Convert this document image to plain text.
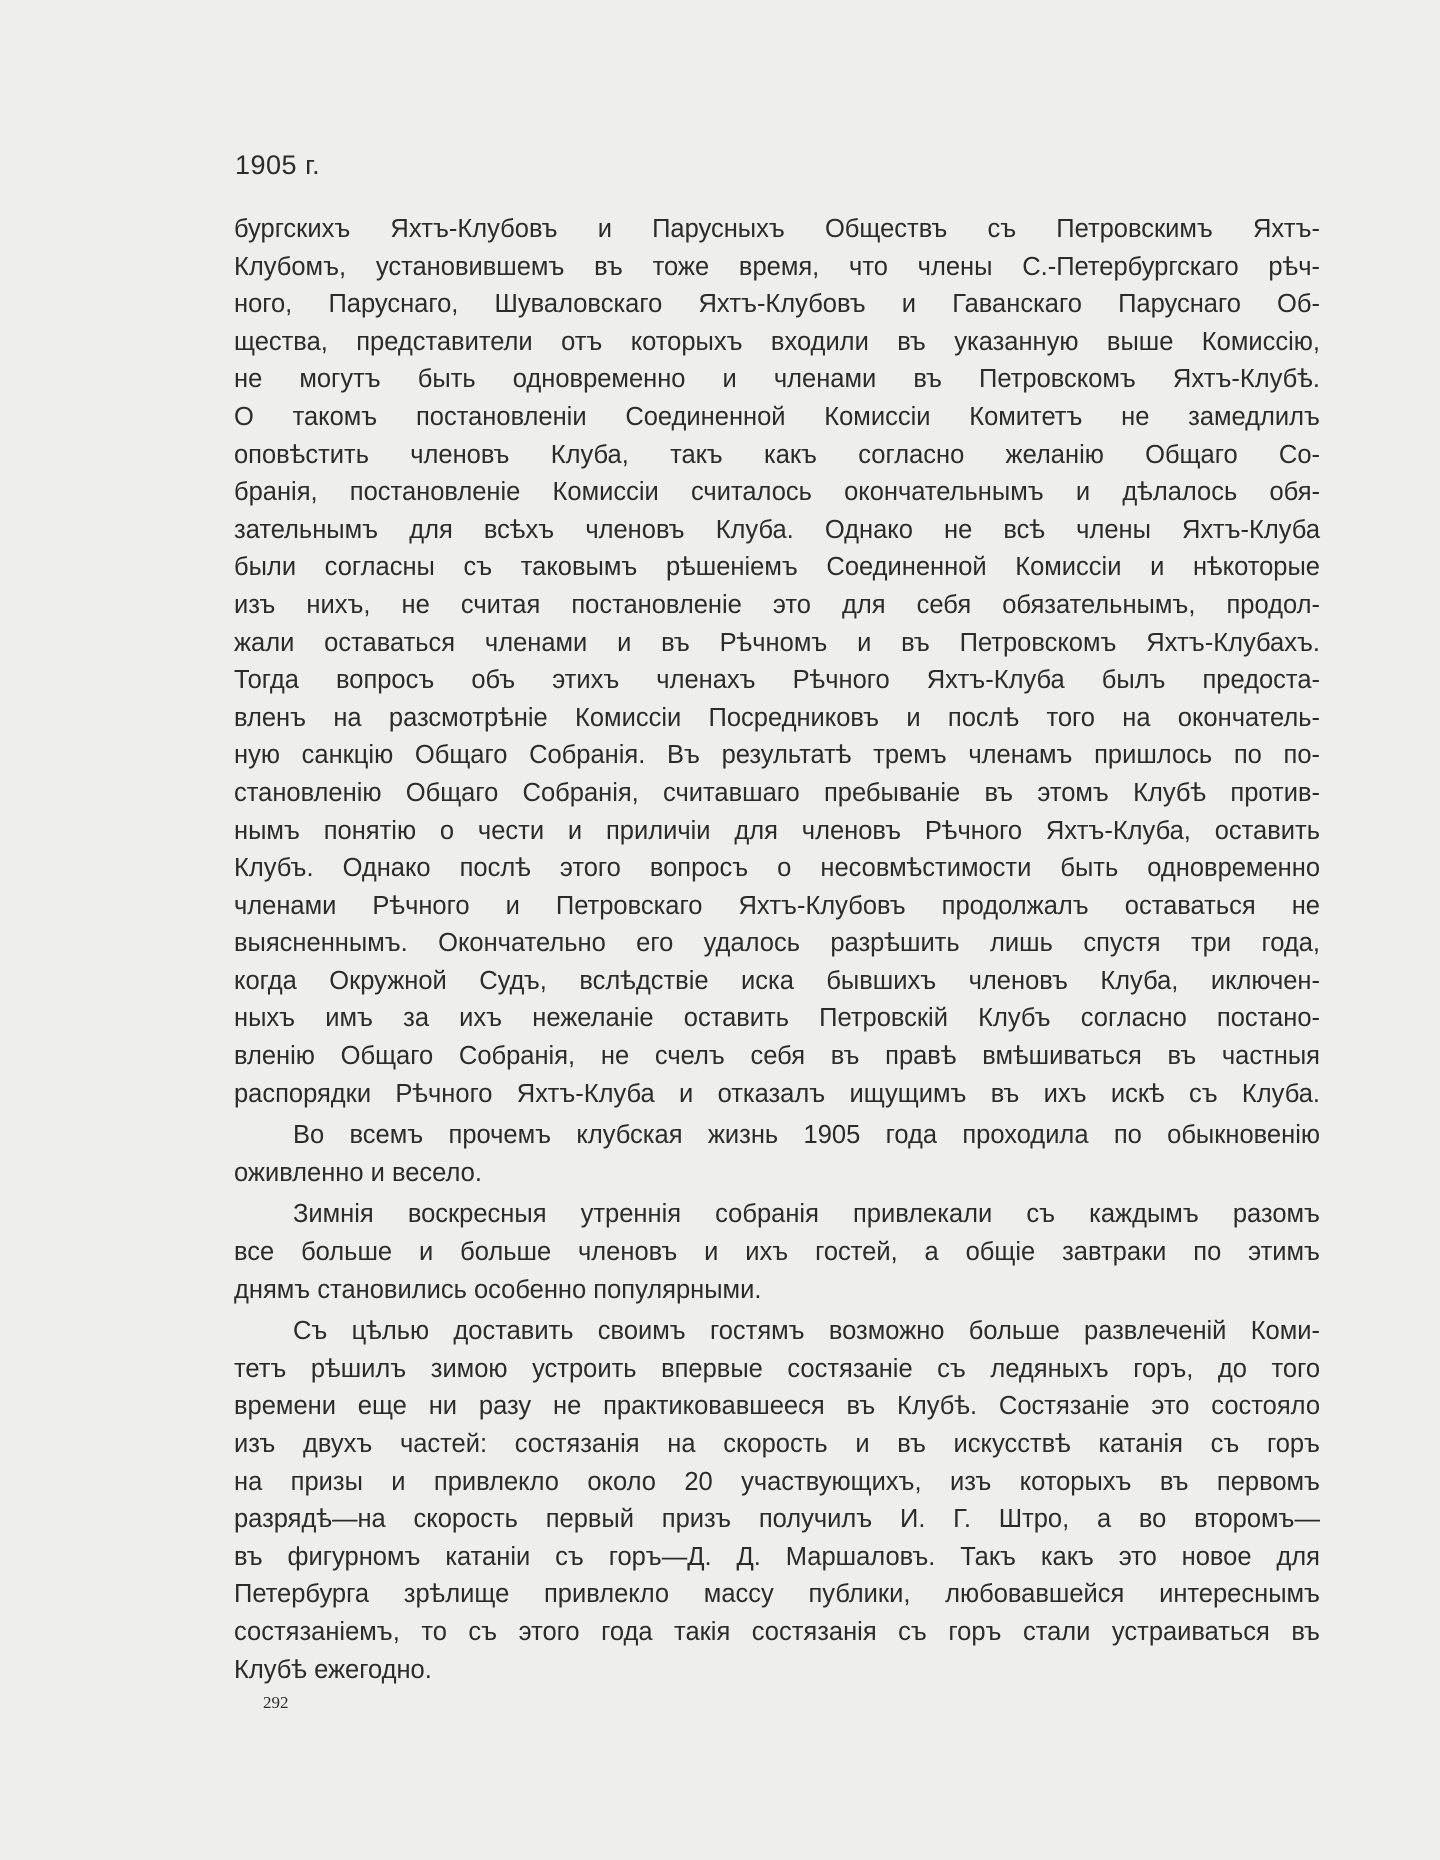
1905 г.
бургскихъ Яхтъ-Клубовъ и Парусныхъ Обществъ съ Петровскимъ Яхтъ-
Клубомъ, установившемъ въ тоже время, что члены С.-Петербургскаго рѣч-
ного, Паруснаго, Шуваловскаго Яхтъ-Клубовъ и Гаванскаго Паруснаго Об-
щества, представители отъ которыхъ входили въ указанную выше Комиссію,
не могутъ быть одновременно и членами въ Петровскомъ Яхтъ-Клубѣ.
О такомъ постановленіи Соединенной Комиссіи Комитетъ не замедлилъ
оповѣстить членовъ Клуба, такъ какъ согласно желанію Общаго Со-
бранія, постановленіе Комиссіи считалось окончательнымъ и дѣлалось обя-
зательнымъ для всѣхъ членовъ Клуба. Однако не всѣ члены Яхтъ-Клуба
были согласны съ таковымъ рѣшеніемъ Соединенной Комиссіи и нѣкоторые
изъ нихъ, не считая постановленіе это для себя обязательнымъ, продол-
жали оставаться членами и въ Рѣчномъ и въ Петровскомъ Яхтъ-Клубахъ.
Тогда вопросъ объ этихъ членахъ Рѣчного Яхтъ-Клуба былъ предоста-
вленъ на разсмотрѣніе Комиссіи Посредниковъ и послѣ того на окончатель-
ную санкцію Общаго Собранія. Въ результатѣ тремъ членамъ пришлось по по-
становленію Общаго Собранія, считавшаго пребываніе въ этомъ Клубѣ против-
нымъ понятію о чести и приличіи для членовъ Рѣчного Яхтъ-Клуба, оставить
Клубъ. Однако послѣ этого вопросъ о несовмѣстимости быть одновременно
членами Рѣчного и Петровскаго Яхтъ-Клубовъ продолжалъ оставаться не
выясненнымъ. Окончательно его удалось разрѣшить лишь спустя три года,
когда Окружной Судъ, вслѣдствіе иска бывшихъ членовъ Клуба, иключен-
ныхъ имъ за ихъ нежеланіе оставить Петровскій Клубъ согласно постано-
вленію Общаго Собранія, не счелъ себя въ правѣ вмѣшиваться въ частныя
распорядки Рѣчного Яхтъ-Клуба и отказалъ ищущимъ въ ихъ искѣ съ Клуба.
Во всемъ прочемъ клубская жизнь 1905 года проходила по обыкновенію
оживленно и весело.
Зимнія воскресныя утреннія собранія привлекали съ каждымъ разомъ
все больше и больше членовъ и ихъ гостей, а общіе завтраки по этимъ
днямъ становились особенно популярными.
Съ цѣлью доставить своимъ гостямъ возможно больше развлеченій Коми-
тетъ рѣшилъ зимою устроить впервые состязаніе съ ледяныхъ горъ, до того
времени еще ни разу не практиковавшееся въ Клубѣ. Состязаніе это состояло
изъ двухъ частей: состязанія на скорость и въ искусствѣ катанія съ горъ
на призы и привлекло около 20 участвующихъ, изъ которыхъ въ первомъ
разрядѣ—на скорость первый призъ получилъ И. Г. Штро, а во второмъ—
въ фигурномъ катаніи съ горъ—Д. Д. Маршаловъ. Такъ какъ это новое для
Петербурга зрѣлище привлекло массу публики, любовавшейся интереснымъ
состязаніемъ, то съ этого года такія состязанія съ горъ стали устраиваться въ
Клубѣ ежегодно.
292
